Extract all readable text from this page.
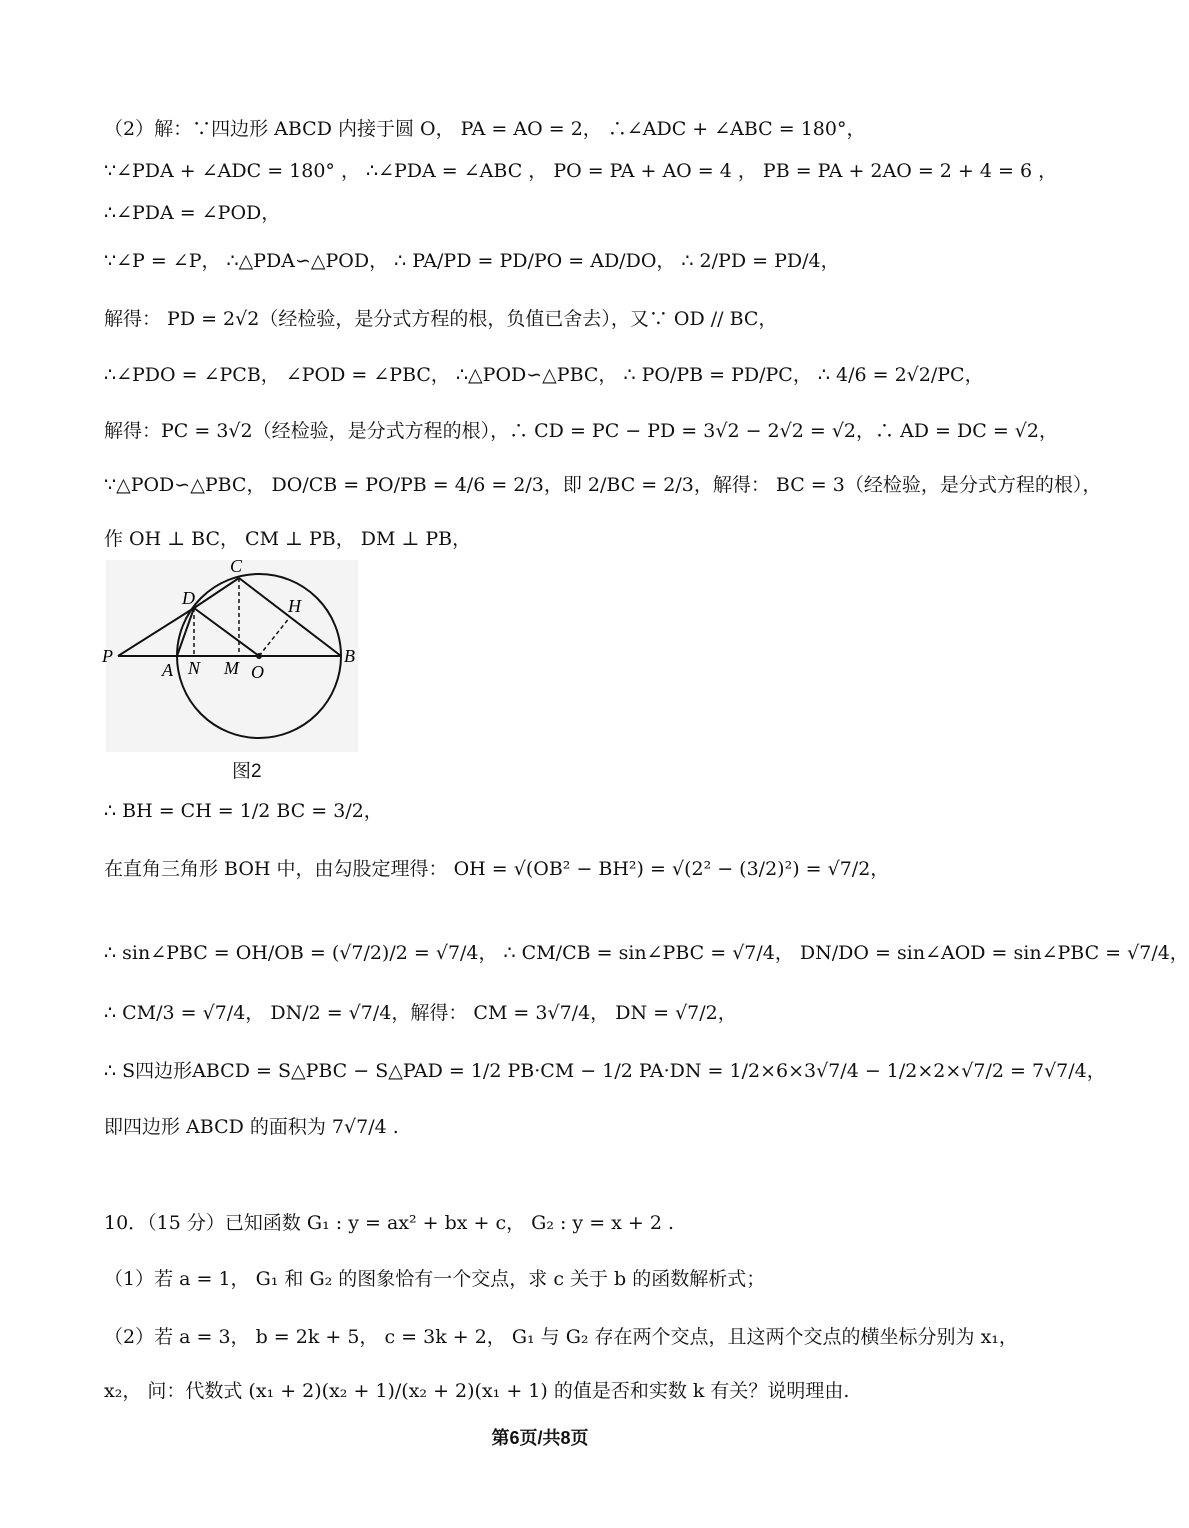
（2）解：∵四边形 ABCD 内接于圆 O， PA = AO = 2， ∴∠ADC + ∠ABC = 180°，
∵∠PDA + ∠ADC = 180° ， ∴∠PDA = ∠ABC ， PO = PA + AO = 4 ， PB = PA + 2AO = 2 + 4 = 6 ，
∴∠PDA = ∠POD，
∵∠P = ∠P， ∴△PDA∽△POD， ∴ PA/PD = PD/PO = AD/DO， ∴ 2/PD = PD/4，
解得： PD = 2√2（经检验，是分式方程的根，负值已舍去），又∵ OD // BC，
∴∠PDO = ∠PCB， ∠POD = ∠PBC， ∴△POD∽△PBC， ∴ PO/PB = PD/PC， ∴ 4/6 = 2√2/PC，
解得：PC = 3√2（经检验，是分式方程的根），∴ CD = PC − PD = 3√2 − 2√2 = √2，∴ AD = DC = √2，
∵△POD∽△PBC， DO/CB = PO/PB = 4/6 = 2/3，即 2/BC = 2/3，解得： BC = 3（经检验，是分式方程的根），
作 OH ⊥ BC， CM ⊥ PB， DM ⊥ PB，
P
A N M O
B
C
D	H
图2
∴ BH = CH = 1/2 BC = 3/2，
在直角三角形 BOH 中，由勾股定理得： OH = √(OB² − BH²) = √(2² − (3/2)²) = √7/2，
∴ sin∠PBC = OH/OB = (√7/2)/2 = √7/4， ∴ CM/CB = sin∠PBC = √7/4， DN/DO = sin∠AOD = sin∠PBC = √7/4，
∴ CM/3 = √7/4， DN/2 = √7/4，解得： CM = 3√7/4， DN = √7/2，
∴ S四边形ABCD = S△PBC − S△PAD = 1/2 PB·CM − 1/2 PA·DN = 1/2×6×3√7/4 − 1/2×2×√7/2 = 7√7/4，
即四边形 ABCD 的面积为 7√7/4 .
10．（15 分）已知函数 G₁ : y = ax² + bx + c， G₂ : y = x + 2 .
（1）若 a = 1， G₁ 和 G₂ 的图象恰有一个交点，求 c 关于 b 的函数解析式；
（2）若 a = 3， b = 2k + 5， c = 3k + 2， G₁ 与 G₂ 存在两个交点，且这两个交点的横坐标分别为 x₁，
x₂， 问：代数式 (x₁ + 2)(x₂ + 1)/(x₂ + 2)(x₁ + 1) 的值是否和实数 k 有关？说明理由.
第6页/共8页
